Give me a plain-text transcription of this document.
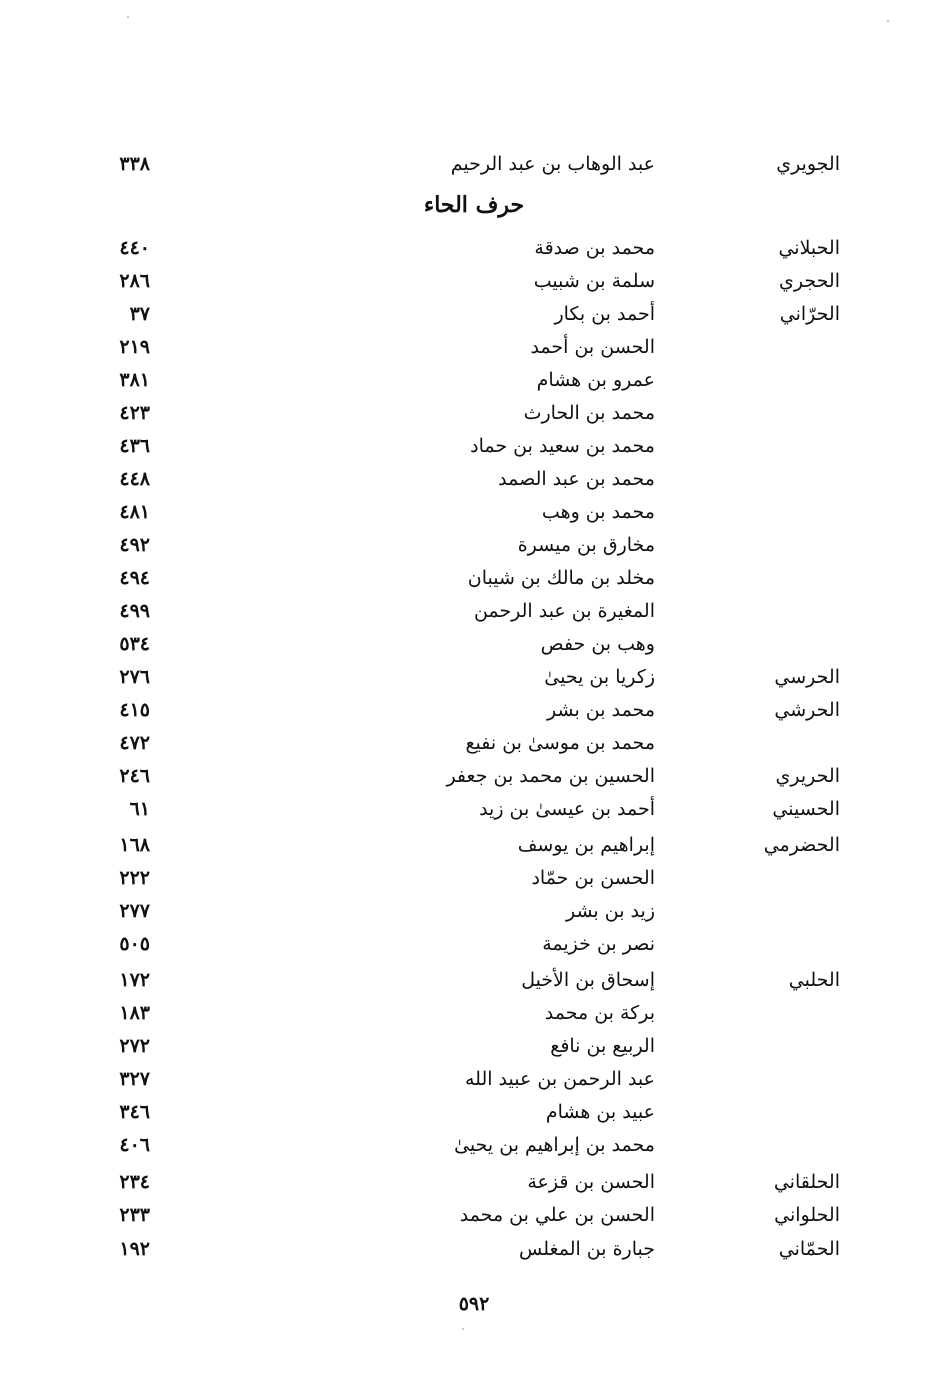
الجويري
عبد الوهاب بن عبد الرحيم
٣٣٨
حرف الحاء
الحبلاني
محمد بن صدقة
٤٤٠
الحجري
سلمة بن شبيب
٢٨٦
الحرّاني
أحمد بن بكار
٣٧
الحسن بن أحمد
٢١٩
عمرو بن هشام
٣٨١
محمد بن الحارث
٤٢٣
محمد بن سعيد بن حماد
٤٣٦
محمد بن عبد الصمد
٤٤٨
محمد بن وهب
٤٨١
مخارق بن ميسرة
٤٩٢
مخلد بن مالك بن شيبان
٤٩٤
المغيرة بن عبد الرحمن
٤٩٩
وهب بن حفص
٥٣٤
الحرسي
زكريا بن يحيىٰ
٢٧٦
الحرشي
محمد بن بشر
٤١٥
محمد بن موسىٰ بن نفيع
٤٧٢
الحريري
الحسين بن محمد بن جعفر
٢٤٦
الحسيني
أحمد بن عيسىٰ بن زيد
٦١
الحضرمي
إبراهيم بن يوسف
١٦٨
الحسن بن حمّاد
٢٢٢
زيد بن بشر
٢٧٧
نصر بن خزيمة
٥٠٥
الحلبي
إسحاق بن الأخيل
١٧٢
بركة بن محمد
١٨٣
الربيع بن نافع
٢٧٢
عبد الرحمن بن عبيد الله
٣٢٧
عبيد بن هشام
٣٤٦
محمد بن إبراهيم بن يحيىٰ
٤٠٦
الحلقاني
الحسن بن قزعة
٢٣٤
الحلواني
الحسن بن علي بن محمد
٢٣٣
الحمّاني
جبارة بن المغلس
١٩٢
٥٩٢
